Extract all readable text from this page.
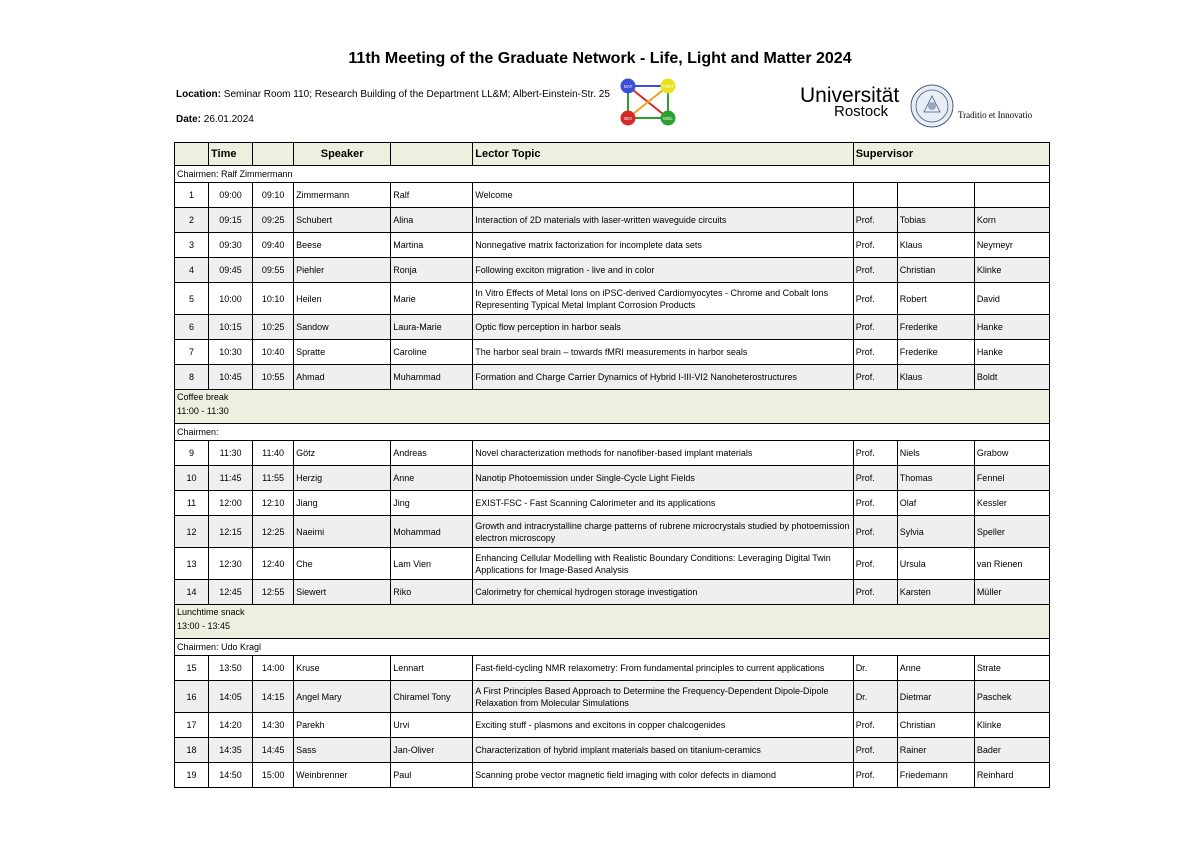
11th Meeting of the Graduate Network - Life, Light and Matter 2024
Location: Seminar Room 110; Research Building of the Department LL&M; Albert-Einstein-Str. 25
Date: 26.01.2024
NAT	PHOT
BIO	MOL
Universität
Rostock	Traditio et Innovatio
	Time		Speaker		Lector Topic	Supervisor		
Chairmen: Ralf Zimmermann								
1	09:00	09:10	Zimmermann	Ralf	Welcome			
2	09:15	09:25	Schubert	Alina	Interaction of 2D materials with laser-written waveguide circuits	Prof.	Tobias	Korn
3	09:30	09:40	Beese	Martina	Nonnegative matrix factorization for incomplete data sets	Prof.	Klaus	Neymeyr
4	09:45	09:55	Piehler	Ronja	Following exciton migration - live and in color	Prof.	Christian	Klinke
5	10:00	10:10	Heilen	Marie	In Vitro Effects of Metal Ions on iPSC-derived Cardiomyocytes - Chrome and Cobalt Ions Representing Typical Metal Implant Corrosion Products	Prof.	Robert	David
6	10:15	10:25	Sandow	Laura-Marie	Optic flow perception in harbor seals	Prof.	Frederike	Hanke
7	10:30	10:40	Spratte	Caroline	The harbor seal brain – towards fMRI measurements in harbor seals	Prof.	Frederike	Hanke
8	10:45	10:55	Ahmad	Muhammad	Formation and Charge Carrier Dynamics of Hybrid I-III-VI2 Nanoheterostructures	Prof.	Klaus	Boldt

Coffee break
11:00 - 11:30								

Chairmen:								
9	11:30	11:40	Götz	Andreas	Novel characterization methods for nanofiber-based implant materials	Prof.	Niels	Grabow
10	11:45	11:55	Herzig	Anne	Nanotip Photoemission under Single-Cycle Light Fields	Prof.	Thomas	Fennel
11	12:00	12:10	Jiang	Jing	EXIST-FSC - Fast Scanning Calorimeter and its applications	Prof.	Olaf	Kessler
12	12:15	12:25	Naeimi	Mohammad	Growth and intracrystalline charge patterns of rubrene microcrystals studied by photoemission electron microscopy	Prof.	Sylvia	Speller
13	12:30	12:40	Che	Lam Vien	Enhancing Cellular Modelling with Realistic Boundary Conditions: Leveraging Digital Twin Applications for Image-Based Analysis	Prof.	Ursula	van Rienen
14	12:45	12:55	Siewert	Riko	Calorimetry for chemical hydrogen storage investigation	Prof.	Karsten	Müller

Lunchtime snack
13:00 - 13:45								

Chairmen: Udo Kragl								
15	13:50	14:00	Kruse	Lennart	Fast-field-cycling NMR relaxometry: From fundamental principles to current applications	Dr.	Anne	Strate
16	14:05	14:15	Angel Mary	Chiramel Tony	A First Principles Based Approach to Determine the Frequency-Dependent Dipole-Dipole Relaxation from Molecular Simulations	Dr.	Dietmar	Paschek
17	14:20	14:30	Parekh	Urvi	Exciting stuff - plasmons and excitons in copper chalcogenides	Prof.	Christian	Klinke
18	14:35	14:45	Sass	Jan-Oliver	Characterization of hybrid implant materials based on titanium-ceramics	Prof.	Rainer	Bader
19	14:50	15:00	Weinbrenner	Paul	Scanning probe vector magnetic field imaging with color defects in diamond	Prof.	Friedemann	Reinhard
